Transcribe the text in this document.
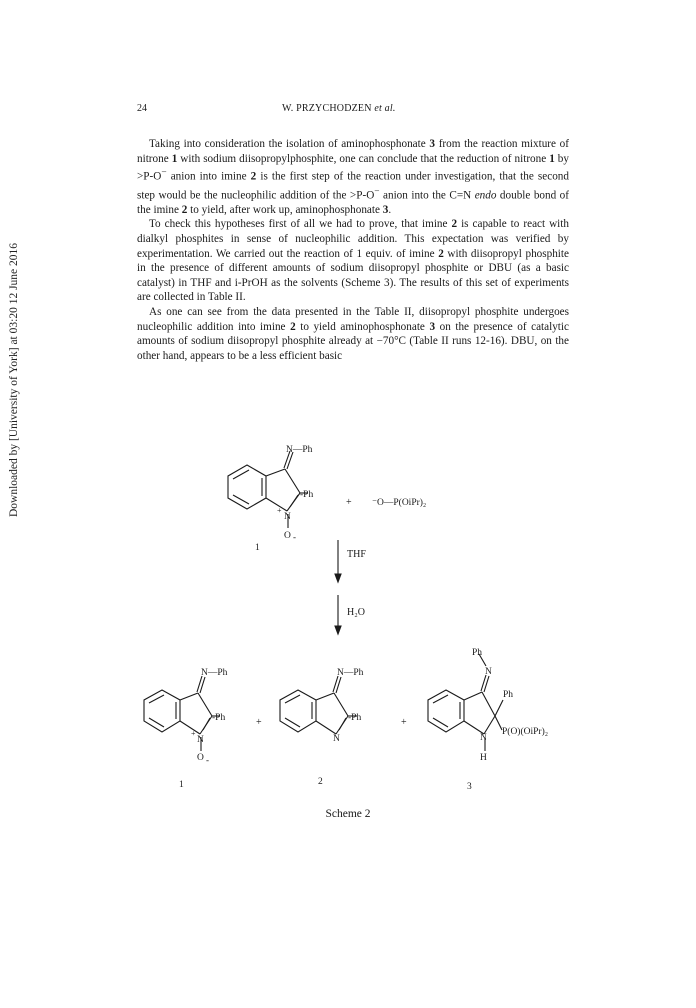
Downloaded by [University of York] at 03:20 12 June 2016
24	W. PRZYCHODZEN et al.

Taking into consideration the isolation of aminophosphonate 3 from the reaction mixture of nitrone 1 with sodium diisopropylphosphite, one can conclude that the reduction of nitrone 1 by >P-O− anion into imine 2 is the first step of the reaction under investigation, that the second step would be the nucleophilic addition of the >P-O− anion into the C=N endo double bond of the imine 2 to yield, after work up, aminophosphonate 3.

To check this hypotheses first of all we had to prove, that imine 2 is capable to react with dialkyl phosphites in sense of nucleophilic addition. This expectation was verified by experimentation. We carried out the reaction of 1 equiv. of imine 2 with diisopropyl phosphite in the presence of different amounts of sodium diisopropyl phosphite or DBU (as a basic catalyst) in THF and i-PrOH as the solvents (Scheme 3). The results of this set of experiments are collected in Table II.

As one can see from the data presented in the Table II, diisopropyl phosphite undergoes nucleophilic addition into imine 2 to yield aminophosphonate 3 on the presence of catalytic amounts of sodium diisopropyl phosphite already at −70°C (Table II runs 12-16). DBU, on the other hand, appears to be a less efficient basic

N—Ph
-Ph
N
+
O -
+ ⁻O—P(OiPr)₂
1
THF
H₂O
N—Ph
-Ph
N
+
O -
1
+
N—Ph
-Ph
N
2
+
Ph
N
Ph
N
H
P(O)(OiPr)₂
3
Scheme 2
